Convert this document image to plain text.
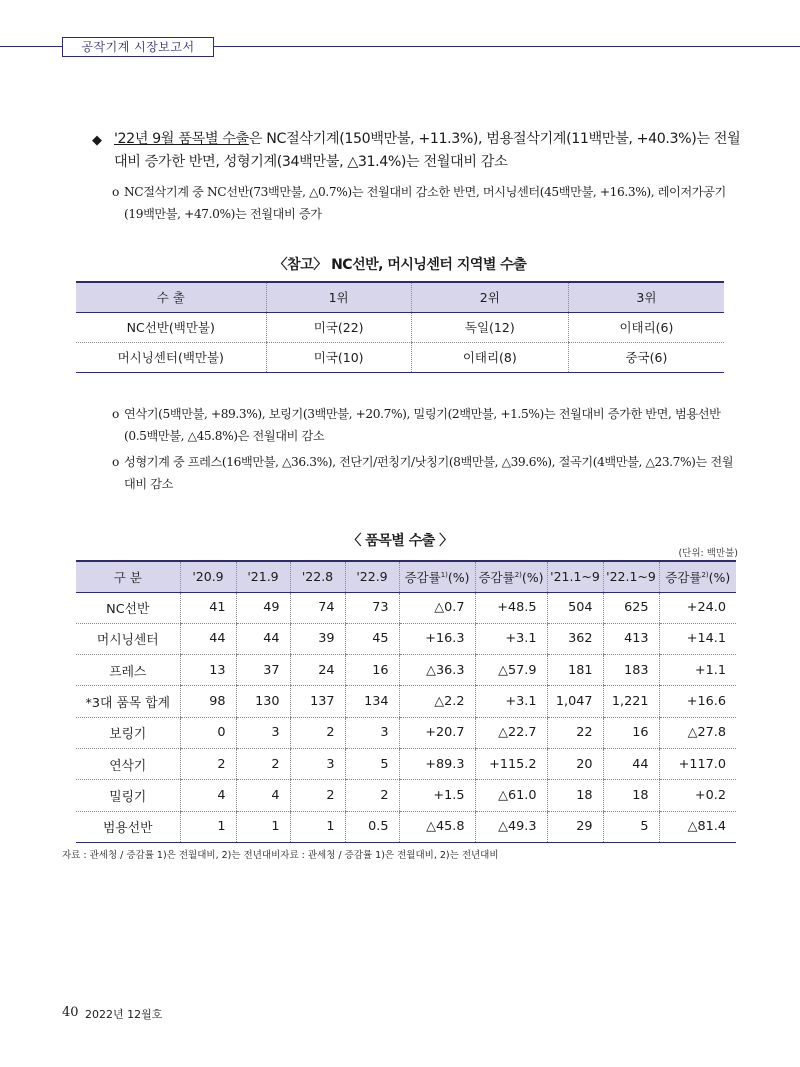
공작기계 시장보고서
◆ '22년 9월 품목별 수출은 NC절삭기계(150백만불, +11.3%), 범용절삭기계(11백만불, +40.3%)는 전월대비 증가한 반면, 성형기계(34백만불, △31.4%)는 전월대비 감소
ο NC절삭기계 중 NC선반(73백만불, △0.7%)는 전월대비 감소한 반면, 머시닝센터(45백만불, +16.3%), 레이저가공기 (19백만불, +47.0%)는 전월대비 증가
〈참고〉 NC선반, 머시닝센터 지역별 수출
수 출	1위	2위	3위
NC선반(백만불)	미국(22)	독일(12)	이태리(6)
머시닝센터(백만불)	미국(10)	이태리(8)	중국(6)
ο 연삭기(5백만불, +89.3%), 보링기(3백만불, +20.7%), 밀링기(2백만불, +1.5%)는 전월대비 증가한 반면, 범용선반 (0.5백만불, △45.8%)은 전월대비 감소
ο 성형기계 중 프레스(16백만불, △36.3%), 전단기/펀칭기/낫칭기(8백만불, △39.6%), 절곡기(4백만불, △23.7%)는 전월대비 감소
〈 품목별 수출 〉
(단위: 백만불)
구 분	'20.9	'21.9	'22.8	'22.9	증감률$^{1)}$(%)	증감률$^{2)}$(%)	'21.1~9	'22.1~9	증감률$^{2)}$(%)
NC선반	41	49	74	73	△0.7	+48.5	504	625	+24.0
머시닝센터	44	44	39	45	+16.3	+3.1	362	413	+14.1
프레스	13	37	24	16	△36.3	△57.9	181	183	+1.1
*3대 품목 합계	98	130	137	134	△2.2	+3.1	1,047	1,221	+16.6
보링기	0	3	2	3	+20.7	△22.7	22	16	△27.8
연삭기	2	2	3	5	+89.3	+115.2	20	44	+117.0
밀링기	4	4	2	2	+1.5	△61.0	18	18	+0.2
범용선반	1	1	1	0.5	△45.8	△49.3	29	5	△81.4
자료 : 관세청 / 증감률 1)은 전월대비, 2)는 전년대비자료 : 관세청 / 증감률 1)은 전월대비, 2)는 전년대비
40 2022년 12월호
